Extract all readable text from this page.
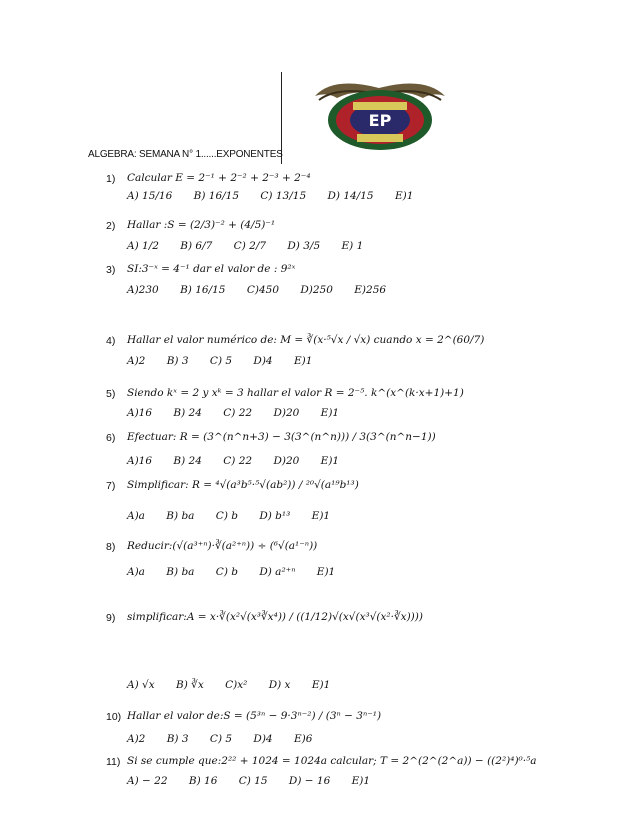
EP
ALGEBRA: SEMANA N° 1......EXPONENTES
1) Calcular E = 2⁻¹ + 2⁻² + 2⁻³ + 2⁻⁴
A) 15/16 B) 16/15 C) 13/15 D) 14/15 E)1
2) Hallar :S = (2/3)⁻² + (4/5)⁻¹
A) 1/2 B) 6/7 C) 2/7 D) 3/5 E) 1
3) SI:3⁻ˣ = 4⁻¹ dar el valor de : 9²ˣ
A)230 B) 16/15 C)450 D)250 E)256
4) Hallar el valor numérico de: M = ∛(x·⁵√x / √x) cuando x = 2^(60/7)
A)2 B) 3 C) 5 D)4 E)1
5) Siendo kˣ = 2 y xᵏ = 3 hallar el valor R = 2⁻⁵. k^(x^(k·x+1)+1)
A)16 B) 24 C) 22 D)20 E)1
6) Efectuar: R = (3^(n^n+3) − 3(3^(n^n))) / 3(3^(n^n−1))
A)16 B) 24 C) 22 D)20 E)1
7) Simplificar: R = ⁴√(a³b⁵·⁵√(ab²)) / ²⁰√(a¹⁹b¹³)
A)a B) ba C) b D) b¹³ E)1
8) Reducir:(√(a³⁺ⁿ)·∛(a²⁺ⁿ)) ÷ (⁶√(a¹⁻ⁿ))
A)a B) ba C) b D) a²⁺ⁿ E)1
9) simplificar:A = x·∛(x²√(x³∛x⁴)) / ((1/12)√(x√(x³√(x²·∛x))))
A) √x B) ∛x C)x² D) x E)1
10) Hallar el valor de:S = (5³ⁿ − 9·3ⁿ⁻²) / (3ⁿ − 3ⁿ⁻¹)
A)2 B) 3 C) 5 D)4 E)6
11) Si se cumple que:2²² + 1024 = 1024a calcular; T = 2^(2^(2^a)) − ((2²)⁴)⁰·⁵a
A) − 22 B) 16 C) 15 D) − 16 E)1
